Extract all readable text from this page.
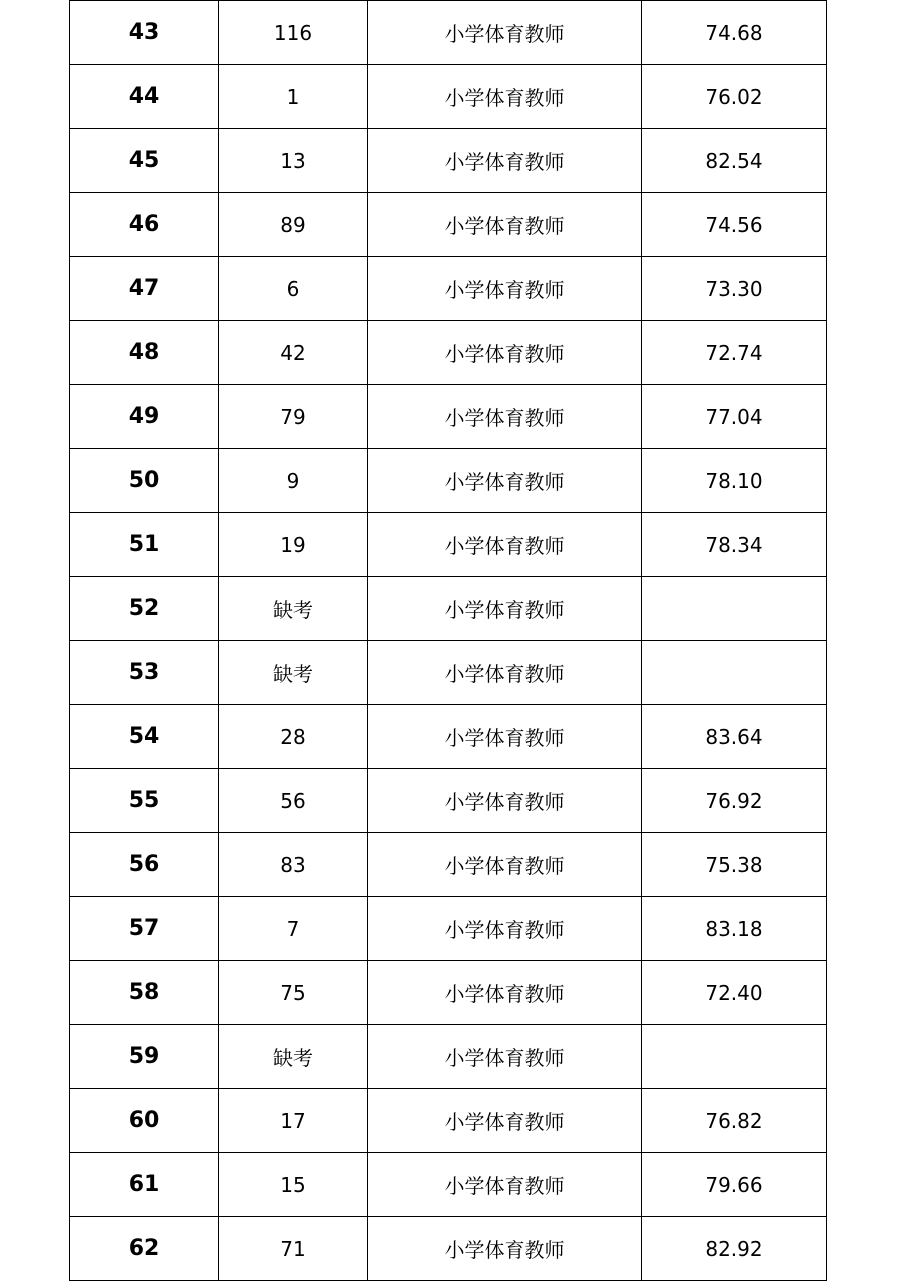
43	116	小学体育教师	74.68
44	1	小学体育教师	76.02
45	13	小学体育教师	82.54
46	89	小学体育教师	74.56
47	6	小学体育教师	73.30
48	42	小学体育教师	72.74
49	79	小学体育教师	77.04
50	9	小学体育教师	78.10
51	19	小学体育教师	78.34
52	缺考	小学体育教师	
53	缺考	小学体育教师	
54	28	小学体育教师	83.64
55	56	小学体育教师	76.92
56	83	小学体育教师	75.38
57	7	小学体育教师	83.18
58	75	小学体育教师	72.40
59	缺考	小学体育教师	
60	17	小学体育教师	76.82
61	15	小学体育教师	79.66
62	71	小学体育教师	82.92
